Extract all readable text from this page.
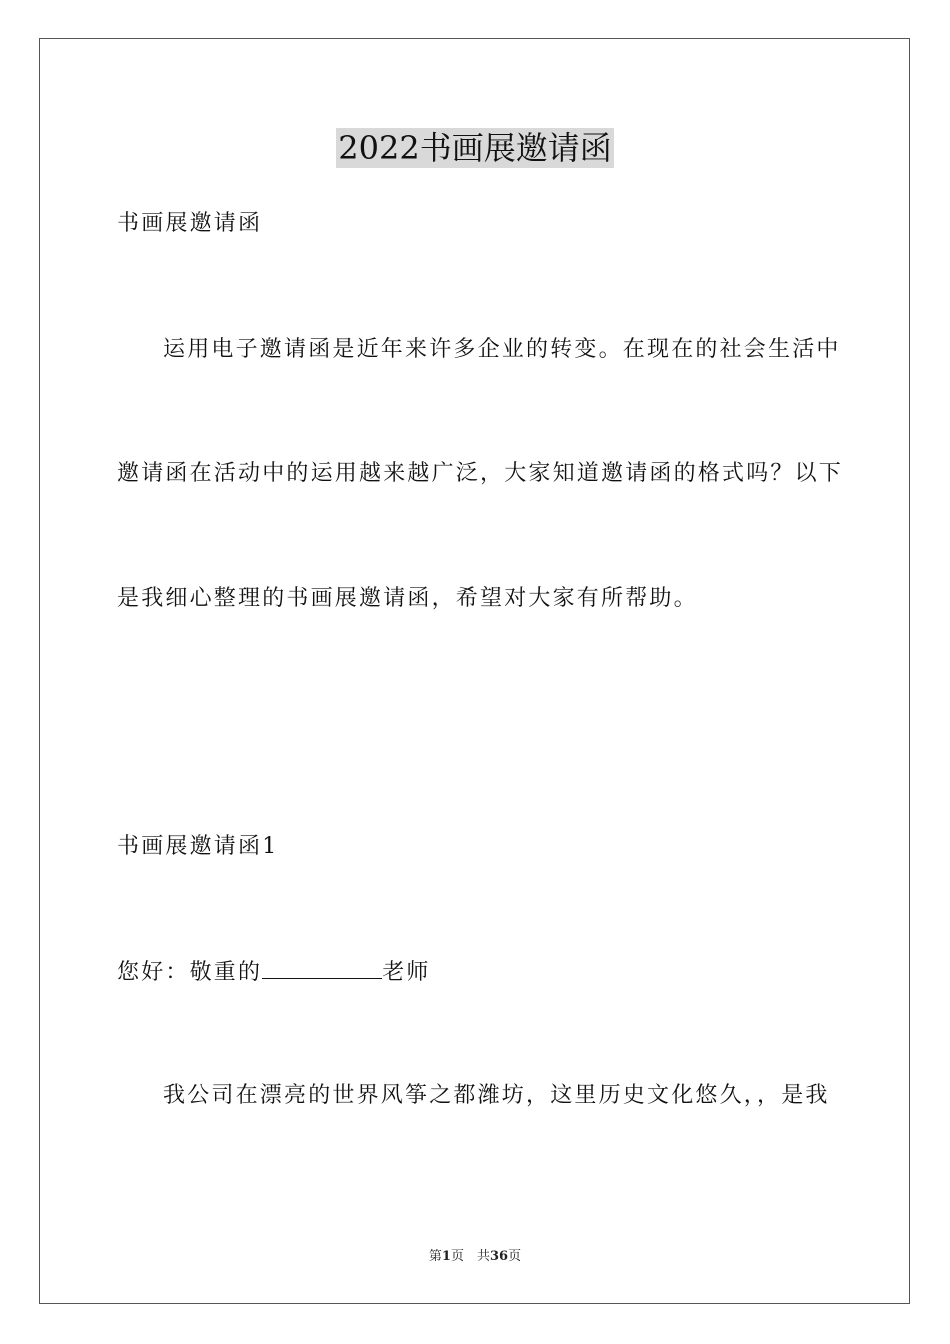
2022书画展邀请函
书画展邀请函
运用电子邀请函是近年来许多企业的转变。在现在的社会生活中
邀请函在活动中的运用越来越广泛，大家知道邀请函的格式吗？以下
是我细心整理的书画展邀请函，希望对大家有所帮助。
书画展邀请函1
您好：敬重的	老师
我公司在漂亮的世界风筝之都潍坊，这里历史文化悠久，，是我
第1页　共36页
